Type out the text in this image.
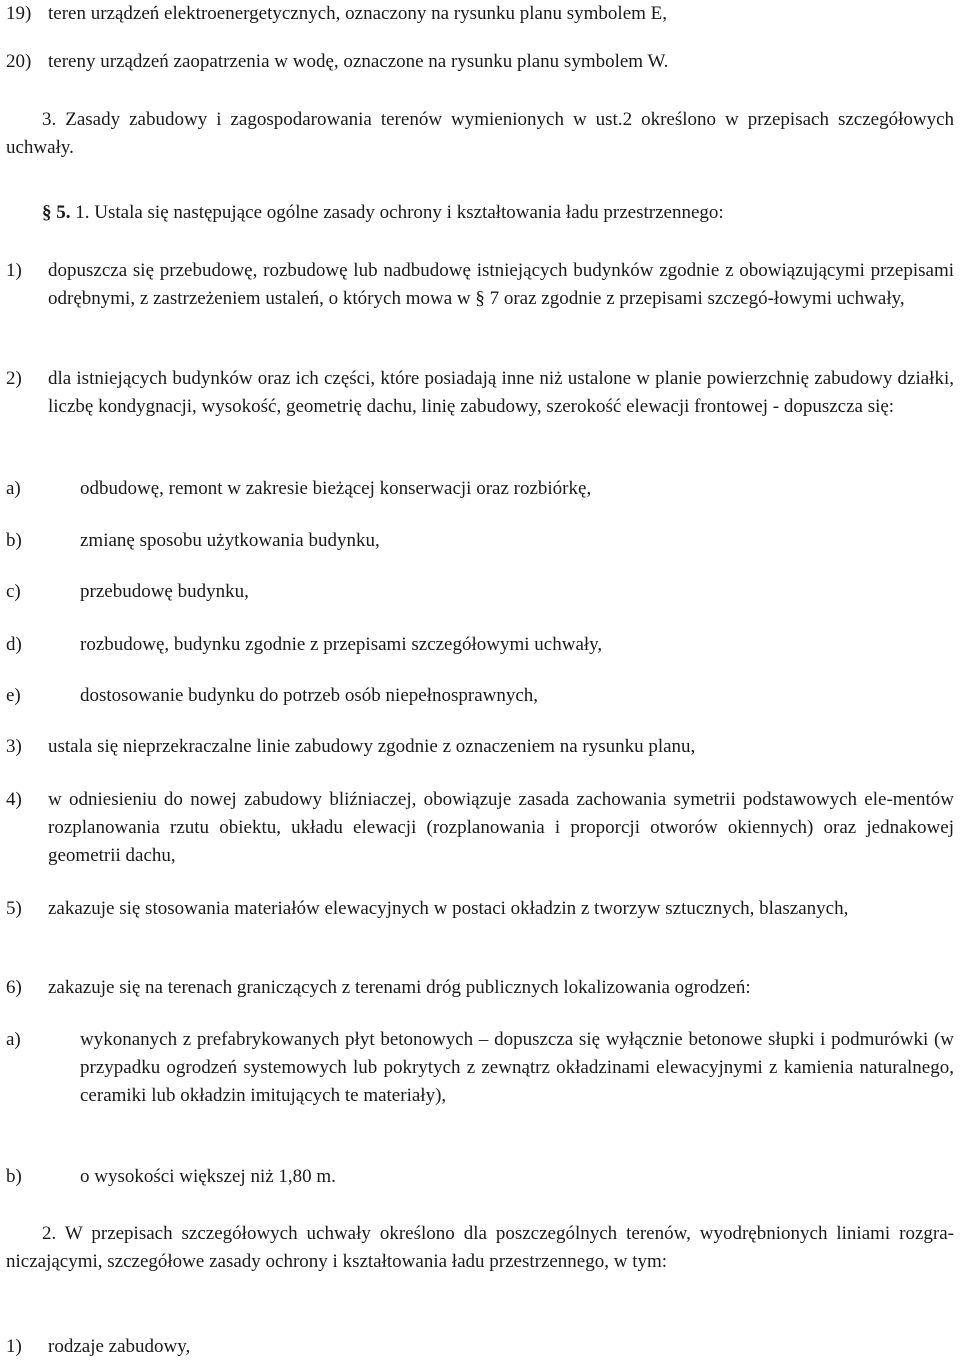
19) teren urządzeń elektroenergetycznych, oznaczony na rysunku planu symbolem E,
20) tereny urządzeń zaopatrzenia w wodę, oznaczone na rysunku planu symbolem W.
3. Zasady zabudowy i zagospodarowania terenów wymienionych w ust.2 określono w przepisach szczegółowych uchwały.
§ 5. 1. Ustala się następujące ogólne zasady ochrony i kształtowania ładu przestrzennego:
1)	dopuszcza się przebudowę, rozbudowę lub nadbudowę istniejących budynków zgodnie z obowiązującymi przepisami odrębnymi, z zastrzeżeniem ustaleń, o których mowa w § 7 oraz zgodnie z przepisami szczegó-łowymi uchwały,
2)	dla istniejących budynków oraz ich części, które posiadają inne niż ustalone w planie powierzchnię zabudowy działki, liczbę kondygnacji, wysokość, geometrię dachu, linię zabudowy, szerokość elewacji frontowej - dopuszcza się:
a)	odbudowę, remont w zakresie bieżącej konserwacji oraz rozbiórkę,
b)	zmianę sposobu użytkowania budynku,
c)	przebudowę budynku,
d)	rozbudowę, budynku zgodnie z przepisami szczegółowymi uchwały,
e)	dostosowanie budynku do potrzeb osób niepełnosprawnych,
3)	ustala się nieprzekraczalne linie zabudowy zgodnie z oznaczeniem na rysunku planu,
4)	w odniesieniu do nowej zabudowy bliźniaczej, obowiązuje zasada zachowania symetrii podstawowych ele-mentów rozplanowania rzutu obiektu, układu elewacji (rozplanowania i proporcji otworów okiennych) oraz jednakowej geometrii dachu,
5)	zakazuje się stosowania materiałów elewacyjnych w postaci okładzin z tworzyw sztucznych, blaszanych,
6)	zakazuje się na terenach graniczących z terenami dróg publicznych lokalizowania ogrodzeń:
a)	wykonanych z prefabrykowanych płyt betonowych – dopuszcza się wyłącznie betonowe słupki i podmurówki (w przypadku ogrodzeń systemowych lub pokrytych z zewnątrz okładzinami elewacyjnymi z kamienia naturalnego, ceramiki lub okładzin imitujących te materiały),
b)	o wysokości większej niż 1,80 m.
2. W przepisach szczegółowych uchwały określono dla poszczególnych terenów, wyodrębnionych liniami rozgra-niczającymi, szczegółowe zasady ochrony i kształtowania ładu przestrzennego, w tym:
1)	rodzaje zabudowy,
